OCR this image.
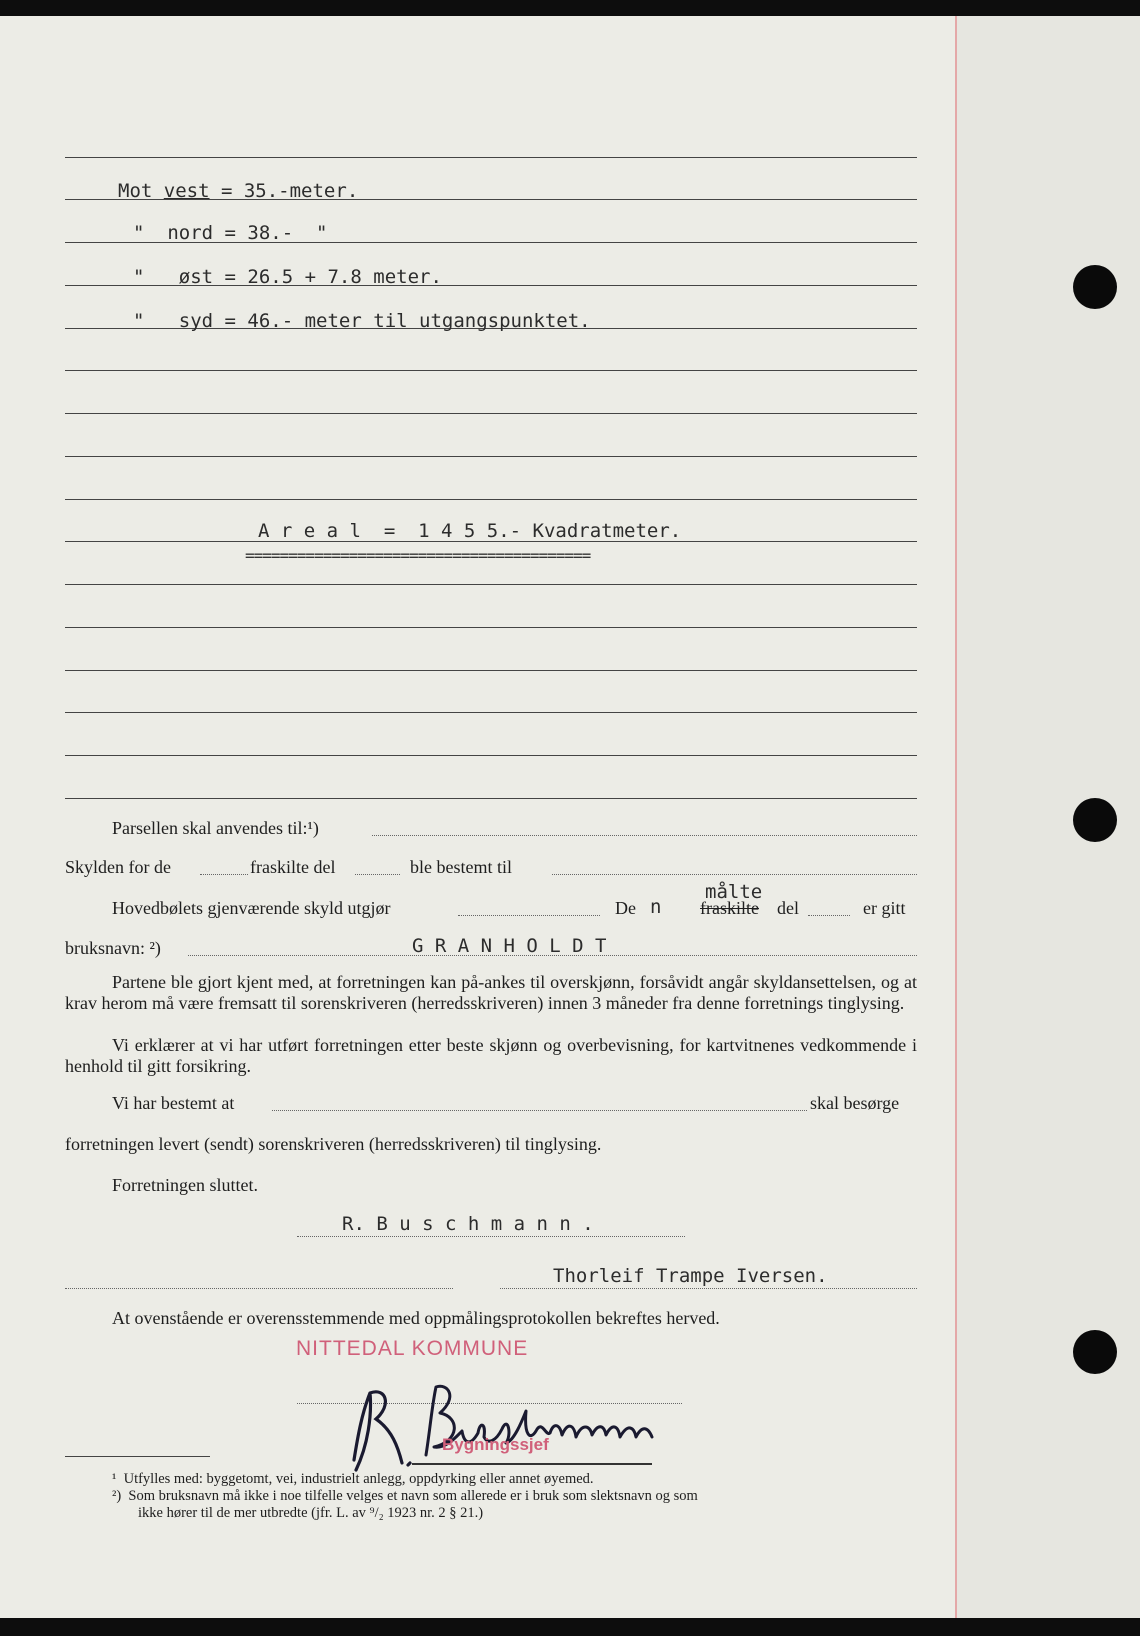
Mot vest = 35.-meter.
"  nord = 38.-  "
"   øst = 26.5 + 7.8 meter.
"   syd = 46.- meter til utgangspunktet.
A r e a l  =  1 4 5 5.- Kvadratmeter.
========================================
Parsellen skal anvendes til:¹)
Skylden for de	fraskilte del	ble bestemt til
Hovedbølets gjenværende skyld utgjør	De n
målte
fraskilte del	er gitt
bruksnavn: ²)	G R A N H O L D T
Partene ble gjort kjent med, at forretningen kan på-ankes til overskjønn, forsåvidt angår skyldansettelsen, og at krav herom må være fremsatt til sorenskriveren (herredsskriveren) innen 3 måneder fra denne forretnings tinglysing.
Vi erklærer at vi har utført forretningen etter beste skjønn og overbevisning, for kartvitnenes vedkommende i henhold til gitt forsikring.
Vi har bestemt at	skal besørge
forretningen levert (sendt) sorenskriveren (herredsskriveren) til tinglysing.
Forretningen sluttet.
R. B u s c h m a n n .
Thorleif Trampe Iversen.
At ovenstående er overensstemmende med oppmålingsprotokollen bekreftes herved.
NITTEDAL KOMMUNE
Bygningssjef
¹  Utfylles med: byggetomt, vei, industrielt anlegg, oppdyrking eller annet øyemed.
²)  Som bruksnavn må ikke i noe tilfelle velges et navn som allerede er i bruk som slektsnavn og som
ikke hører til de mer utbredte (jfr. L. av ⁹/₂ 1923 nr. 2 § 21.)
